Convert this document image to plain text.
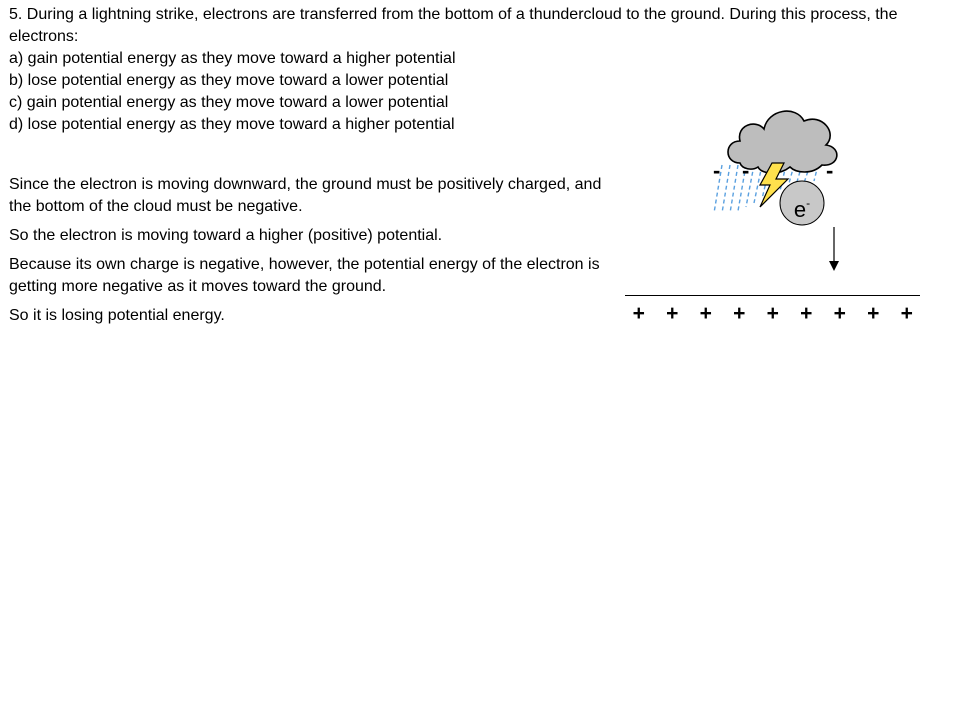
5. During a lightning strike, electrons are transferred from the bottom of a thundercloud to the ground. During this process, the electrons:

a) gain potential energy as they move toward a higher potential

b) lose potential energy as they move toward a lower potential

c) gain potential energy as they move toward a lower potential

d) lose potential energy as they move toward a higher potential

Since the electron is moving downward, the ground must be positively charged, and the bottom of the cloud must be negative.

So the electron is moving toward a higher (positive) potential.

Because its own charge is negative, however, the potential energy of the electron is getting more negative as it moves toward the ground.

So it is losing potential energy.

- -	-
e-
+	+	+	+	+	+	+	+	+
